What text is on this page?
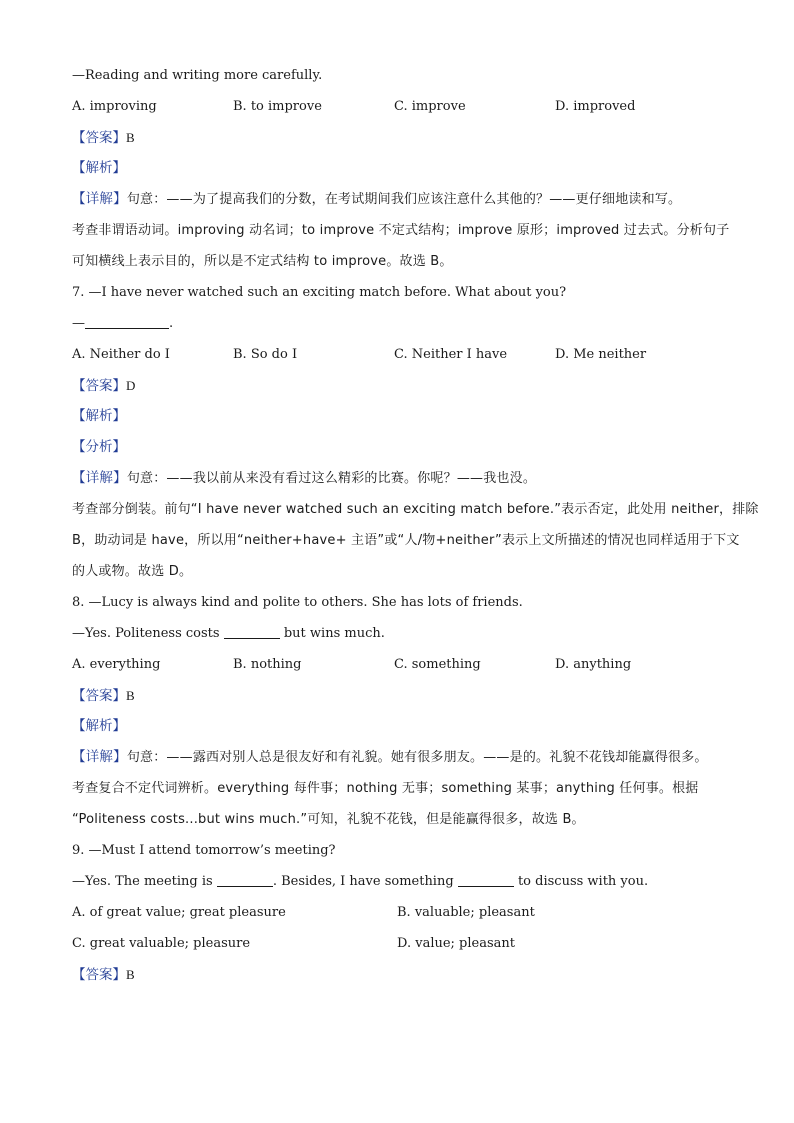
—Reading and writing more carefully.
A. improving	B. to improve	C. improve	D. improved
【答案】B
【解析】
【详解】句意：——为了提高我们的分数，在考试期间我们应该注意什么其他的？——更仔细地读和写。
考查非谓语动词。improving 动名词；to improve 不定式结构；improve 原形；improved 过去式。分析句子
可知横线上表示目的，所以是不定式结构 to improve。故选 B。
7. —I have never watched such an exciting match before. What about you?
—	.
A. Neither do I	B. So do I	C. Neither I have	D. Me neither
【答案】D
【解析】
【分析】
【详解】句意：——我以前从来没有看过这么精彩的比赛。你呢？——我也没。
考查部分倒装。前句“I have never watched such an exciting match before.”表示否定，此处用 neither，排除
B，助动词是 have，所以用“neither+have+ 主语”或“人/物+neither”表示上文所描述的情况也同样适用于下文
的人或物。故选 D。
8. —Lucy is always kind and polite to others. She has lots of friends.
—Yes. Politeness costs	but wins much.
A. everything	B. nothing	C. something	D. anything
【答案】B
【解析】
【详解】句意：——露西对别人总是很友好和有礼貌。她有很多朋友。——是的。礼貌不花钱却能赢得很多。
考查复合不定代词辨析。everything 每件事；nothing 无事；something 某事；anything 任何事。根据
“Politeness costs...but wins much.”可知，礼貌不花钱，但是能赢得很多，故选 B。
9. —Must I attend tomorrow’s meeting?
—Yes. The meeting is	. Besides, I have something	to discuss with you.
A. of great value; great pleasure	B. valuable; pleasant
C. great valuable; pleasure	D. value; pleasant
【答案】B
